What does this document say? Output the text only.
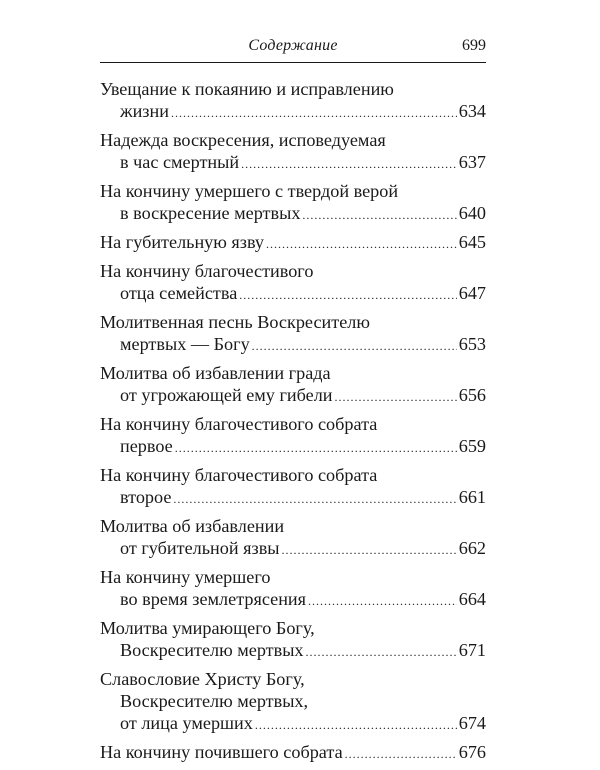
Содержание	699
Увещание к покаянию и исправлению
жизни .....	634
Надежда воскресения, исповедуемая
в час смертный .....	637
На кончину умершего с твердой верой
в воскресение мертвых .....	640
На губительную язву .....	645
На кончину благочестивого
отца семейства .....	647
Молитвенная песнь Воскресителю
мертвых — Богу .....	653
Молитва об избавлении града
от угрожающей ему гибели .....	656
На кончину благочестивого собрата
первое .....	659
На кончину благочестивого собрата
второе .....	661
Молитва об избавлении
от губительной язвы .....	662
На кончину умершего
во время землетрясения .....	664
Молитва умирающего Богу,
Воскресителю мертвых .....	671
Славословие Христу Богу,
Воскресителю мертвых,
от лица умерших .....	674
На кончину почившего собрата .....	676
